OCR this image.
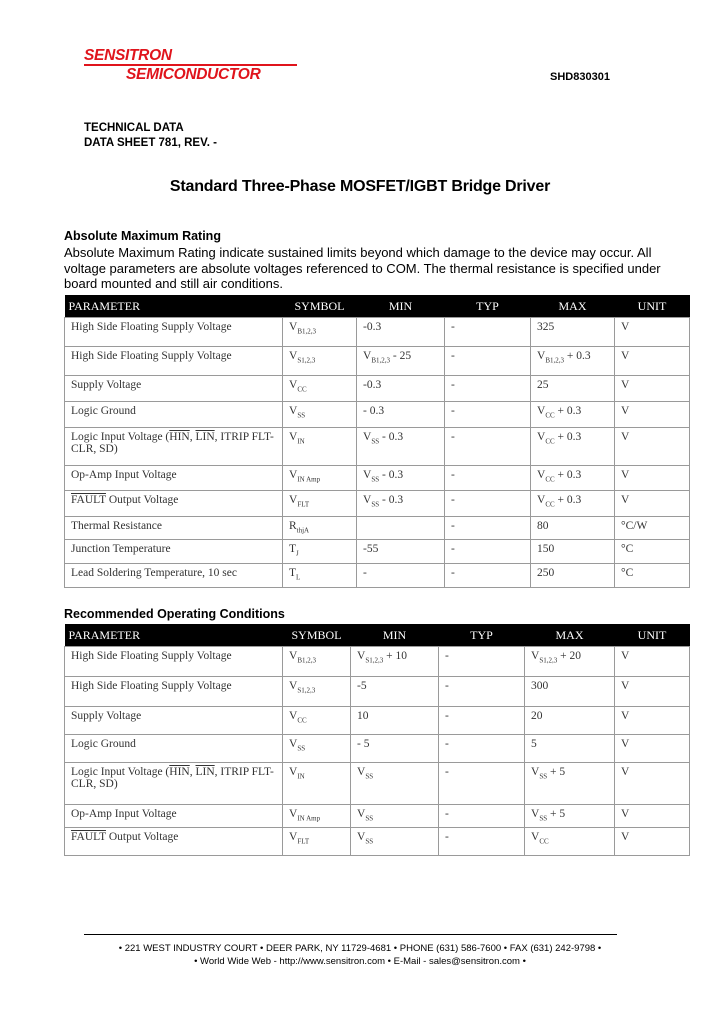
SENSITRON
SEMICONDUCTOR	SHD830301
TECHNICAL DATA
DATA SHEET 781, REV. -
Standard Three-Phase MOSFET/IGBT Bridge Driver
Absolute Maximum Rating
Absolute Maximum Rating indicate sustained limits beyond which damage to the device may occur. All voltage parameters are absolute voltages referenced to COM. The thermal resistance is specified under board mounted and still air conditions.
PARAMETER	SYMBOL	MIN	TYP	MAX	UNIT
High Side Floating Supply Voltage	$V_{B1,2,3}$	-0.3	-	325	V
High Side Floating Supply Voltage	$V_{S1,2,3}$	$V_{B1,2,3} - 25$	-	$V_{B1,2,3} + 0.3$	V
Supply Voltage	$V_{CC}$	-0.3	-	25	V
Logic Ground	$V_{SS}$	- 0.3	-	$V_{CC} + 0.3$	V
Logic Input Voltage ($\overline{HIN}$, $\overline{LIN}$, ITRIP FLT-CLR, SD)	$V_{IN}$	$V_{SS} - 0.3$	-	$V_{CC} + 0.3$	V
Op-Amp Input Voltage	$V_{IN Amp}$	$V_{SS} - 0.3$	-	$V_{CC} + 0.3$	V
FAULT Output Voltage	$V_{FLT}$	$V_{SS} - 0.3$	-	$V_{CC} + 0.3$	V
Thermal Resistance	$R_{thjA}$		-	80	°C/W
Junction Temperature	$T_J$	-55	-	150	°C
Lead Soldering Temperature, 10 sec	$T_L$	-	-	250	°C
Recommended Operating Conditions
PARAMETER	SYMBOL	MIN	TYP	MAX	UNIT
High Side Floating Supply Voltage	$V_{B1,2,3}$	$V_{S1,2,3} + 10$	-	$V_{S1,2,3} + 20$	V
High Side Floating Supply Voltage	$V_{S1,2,3}$	-5	-	300	V
Supply Voltage	$V_{CC}$	10	-	20	V
Logic Ground	$V_{SS}$	- 5	-	5	V
Logic Input Voltage ($\overline{HIN}$, $\overline{LIN}$, ITRIP FLT-CLR, SD)	$V_{IN}$	$V_{SS}$	-	$V_{SS} + 5$	V
Op-Amp Input Voltage	$V_{IN Amp}$	$V_{SS}$	-	$V_{SS} + 5$	V
FAULT Output Voltage	$V_{FLT}$	$V_{SS}$	-	$V_{CC}$	V
• 221 WEST INDUSTRY COURT • DEER PARK, NY 11729-4681 • PHONE (631) 586-7600 • FAX (631) 242-9798 •
• World Wide Web - http://www.sensitron.com • E-Mail - sales@sensitron.com •
